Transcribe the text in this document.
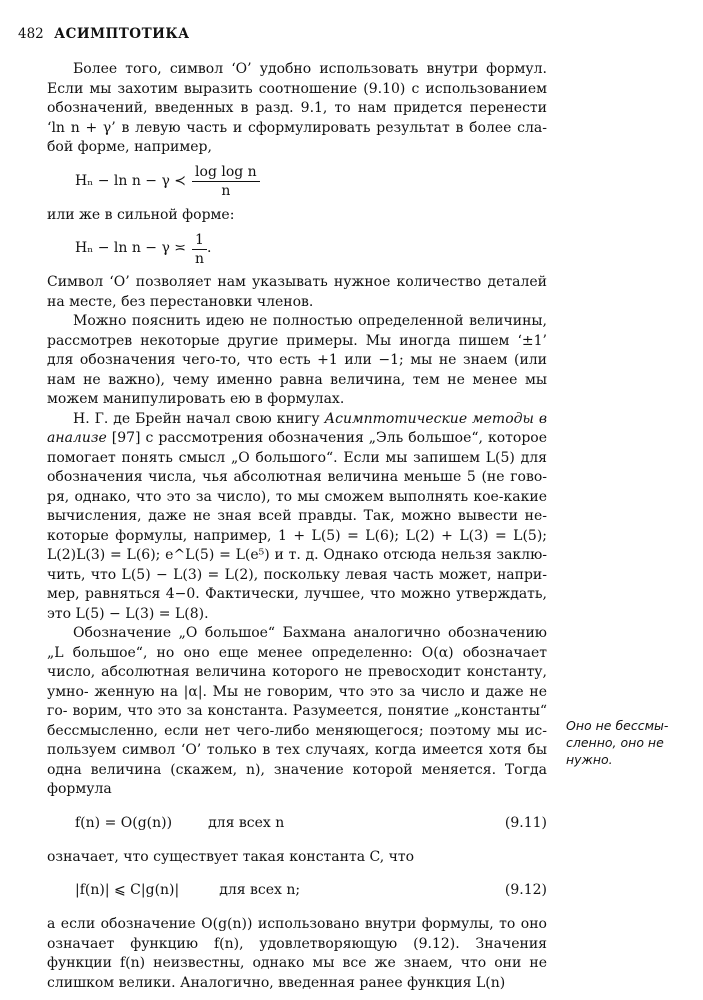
482 АСИМПТОТИКА

Более того, символ ‘O’ удобно использовать внутри формул. Если мы захотим выразить соотношение (9.10) с использованием обозначений, введенных в разд. 9.1, то нам придется перенести ‘ln n + γ’ в левую часть и сформулировать результат в более сла- бой форме, например,

Hₙ − ln n − γ ≺ $\frac{\text{log log n}}{n}$

или же в сильной форме:

Hₙ − ln n − γ ≍ $\frac{1}{n}$ .

Символ ‘O’ позволяет нам указывать нужное количество деталей на месте, без перестановки членов.

Можно пояснить идею не полностью определенной величины, рассмотрев некоторые другие примеры. Мы иногда пишем ‘±1’ для обозначения чего-то, что есть +1 или −1; мы не знаем (или нам не важно), чему именно равна величина, тем не менее мы можем манипулировать ею в формулах.

Н. Г. де Брейн начал свою книгу Асимптотические методы в анализе [97] с рассмотрения обозначения „Эль большое“, которое помогает понять смысл „O большого“. Если мы запишем L(5) для обозначения числа, чья абсолютная величина меньше 5 (не гово- ря, однако, что это за число), то мы сможем выполнять кое-какие вычисления, даже не зная всей правды. Так, можно вывести не- которые формулы, например, 1 + L(5) = L(6); L(2) + L(3) = L(5); L(2)L(3) = L(6); e^L(5) = L(e⁵) и т. д. Однако отсюда нельзя заклю- чить, что L(5) − L(3) = L(2), поскольку левая часть может, напри- мер, равняться 4−0. Фактически, лучшее, что можно утверждать, это L(5) − L(3) = L(8).

Обозначение „O большое“ Бахмана аналогично обозначению „L большое“, но оно еще менее определенно: O(α) обозначает число, абсолютная величина которого не превосходит константу, умно- женную на |α|. Мы не говорим, что это за число и даже не го- ворим, что это за константа. Разумеется, понятие „константы“ бессмысленно, если нет чего-либо меняющегося; поэтому мы ис- пользуем символ ‘O’ только в тех случаях, когда имеется хотя бы одна величина (скажем, n), значение которой меняется. Тогда формула

f(n) = O(g(n))	для всех n	(9.11)

означает, что существует такая константа C, что

|f(n)| ⩽ C|g(n)|	для всех n;	(9.12)

а если обозначение O(g(n)) использовано внутри формулы, то оно означает функцию f(n), удовлетворяющую (9.12). Значения функции f(n) неизвестны, однако мы все же знаем, что они не слишком велики. Аналогично, введенная ранее функция L(n)

Оно не бессмы-
сленно, оно не
нужно.
